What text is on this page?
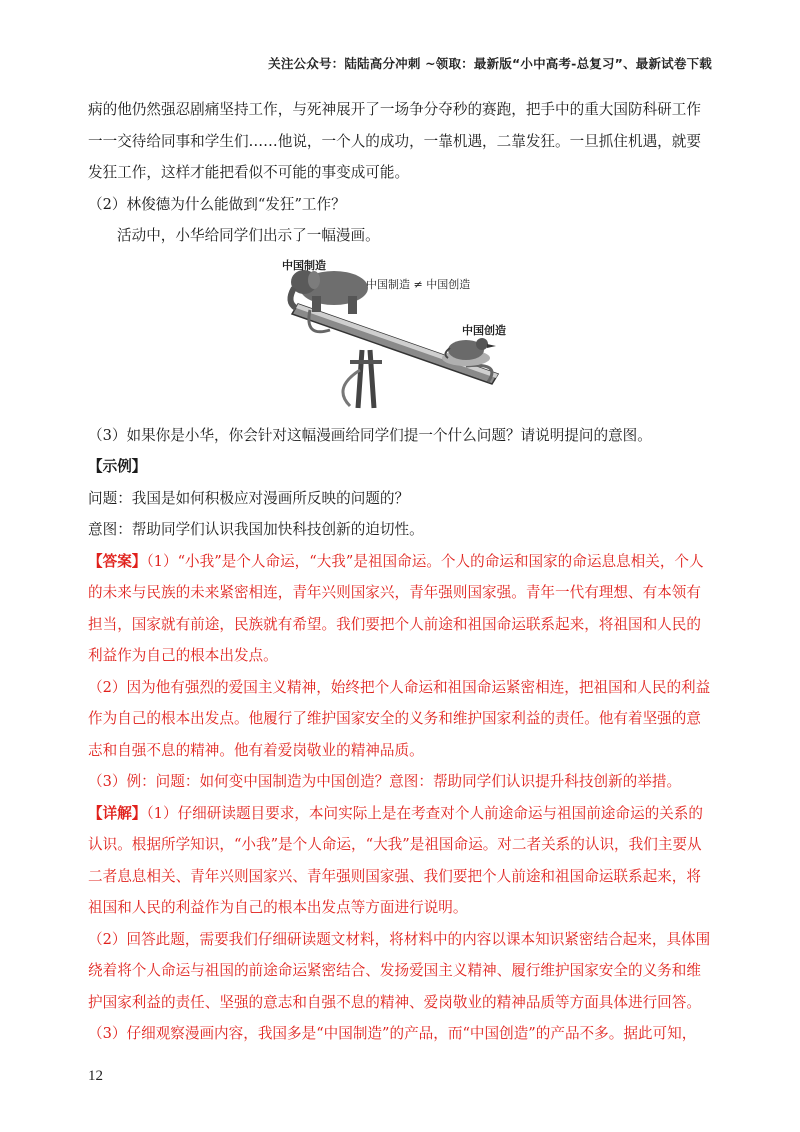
关注公众号：陆陆高分冲刺 ~领取：最新版“小中高考-总复习”、最新试卷下载

病的他仍然强忍剧痛坚持工作，与死神展开了一场争分夺秒的赛跑，把手中的重大国防科研工作一一交待给同事和学生们……他说，一个人的成功，一靠机遇，二靠发狂。一旦抓住机遇，就要发狂工作，这样才能把看似不可能的事变成可能。

（2）林俊德为什么能做到“发狂”工作？

活动中，小华给同学们出示了一幅漫画。

中国制造
中国制造 ≠ 中国创造
中国创造

（3）如果你是小华，你会针对这幅漫画给同学们提一个什么问题？请说明提问的意图。

【示例】

问题：我国是如何积极应对漫画所反映的问题的？

意图：帮助同学们认识我国加快科技创新的迫切性。

【答案】（1）“小我”是个人命运，“大我”是祖国命运。个人的命运和国家的命运息息相关，个人的未来与民族的未来紧密相连，青年兴则国家兴，青年强则国家强。青年一代有理想、有本领有担当，国家就有前途，民族就有希望。我们要把个人前途和祖国命运联系起来，将祖国和人民的利益作为自己的根本出发点。

（2）因为他有强烈的爱国主义精神，始终把个人命运和祖国命运紧密相连，把祖国和人民的利益作为自己的根本出发点。他履行了维护国家安全的义务和维护国家利益的责任。他有着坚强的意志和自强不息的精神。他有着爱岗敬业的精神品质。

（3）例：问题：如何变中国制造为中国创造？意图：帮助同学们认识提升科技创新的举措。

【详解】（1）仔细研读题目要求，本问实际上是在考查对个人前途命运与祖国前途命运的关系的认识。根据所学知识，“小我”是个人命运，“大我”是祖国命运。对二者关系的认识，我们主要从二者息息相关、青年兴则国家兴、青年强则国家强、我们要把个人前途和祖国命运联系起来，将祖国和人民的利益作为自己的根本出发点等方面进行说明。

（2）回答此题，需要我们仔细研读题文材料，将材料中的内容以课本知识紧密结合起来，具体围绕着将个人命运与祖国的前途命运紧密结合、发扬爱国主义精神、履行维护国家安全的义务和维护国家利益的责任、坚强的意志和自强不息的精神、爱岗敬业的精神品质等方面具体进行回答。

（3）仔细观察漫画内容，我国多是“中国制造”的产品，而“中国创造”的产品不多。据此可知，

12
